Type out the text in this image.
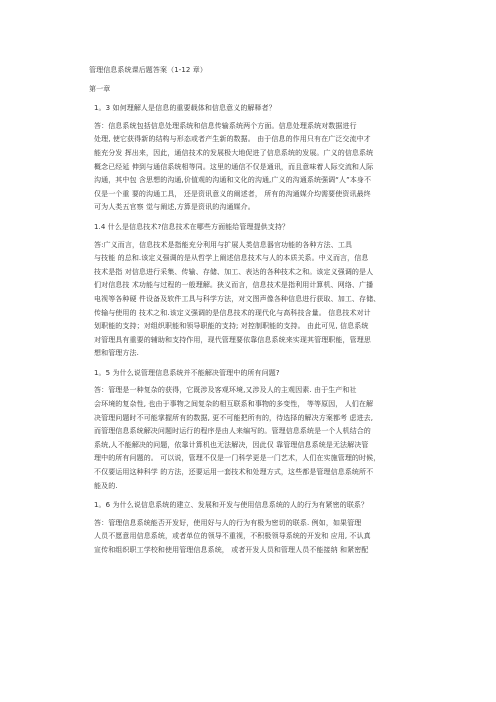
管理信息系统课后题答案（1-12 章）
第一章
1。3 如何理解人是信息的重要载体和信息意义的解释者？
答：信息系统包括信息处理系统和信息传输系统两个方面。信息处理系统对数据进行
处理, 使它获得新的结构与形态或者产生新的数据。 由于信息的作用只有在广泛交流中才
能充分发 挥出来，因此，通信技术的发展极大地促进了信息系统的发展。广义的信息系统
概念已经延 伸到与通信系统相等同。这里的通信不仅是通讯，而且意味着人际交流和人际
沟通，其中包 含思想的沟通,价值观的沟通和文化的沟通,广义的沟通系统强调“人”本身不
仅是一个重 要的沟通工具， 还是资讯意义的阐述者， 所有的沟通媒介均需要使资讯最终
可为人类五官察 觉与阐述,方算是资讯的沟通媒介。
1.4 什么是信息技术?信息技术在哪些方面能给管理提供支持？
答:广义而言，信息技术是指能充分利用与扩展人类信息器官功能的各种方法、工具
与技能 的总和.该定义强调的是从哲学上阐述信息技术与人的本质关系。中义而言，信息
技术是指 对信息进行采集、传输、存储、加工、表达的各种技术之和。该定义强调的是人
们对信息技 术功能与过程的一般理解。狭义而言，信息技术是指利用计算机、网络、广播
电视等各种硬 件设备及软件工具与科学方法，对文图声像各种信息进行获取、加工、存储、
传输与使用的 技术之和.该定义强调的是信息技术的现代化与高科技含量。 信息技术对计
划职能的支持；对组织职能和领导职能的支持; 对控制职能的支持。 由此可见, 信息系统
对管理具有重要的辅助和支持作用，现代管理要依靠信息系统来实现其管理职能，管理思
想和管理方法.
1。5 为什么说管理信息系统并不能解决管理中的所有问题?
答：管理是一种复杂的获得，它既涉及客观环境,又涉及人的主观因素. 由于生产和社
会环境的复杂性, 也由于事物之间复杂的相互联系和事物的多变性， 等等原因， 人们在解
决管理问题时不可能掌握所有的数据, 更不可能把所有的，待选择的解决方案都考 虑进去,
而管理信息系统解决问题时运行的程序是由人来编写的。管理信息系统是一个人机结合的
系统,人不能解决的问题，依靠计算机也无法解决，因此仅 靠管理信息系统是无法解决管
理中的所有问题的。 可以说，管理不仅是一门科学更是一门艺术，人们在实施管理的时候，
不仅要运用这种科学 的方法，还要运用一套技术和处理方式，这些都是管理信息系统所不
能及的.
1。6 为什么说信息系统的建立、发展和开发与使用信息系统的人的行为有紧密的联系？
答：管理信息系统能否开发好，使用好与人的行为有极为密切的联系. 例如，如果管理
人员不愿意用信息系统，或者单位的领导不重视，不积极领导系统的开发和 应用, 不认真
宣传和组织职工学校和使用管理信息系统， 或者开发人员和管理人员不能接纳 和紧密配
